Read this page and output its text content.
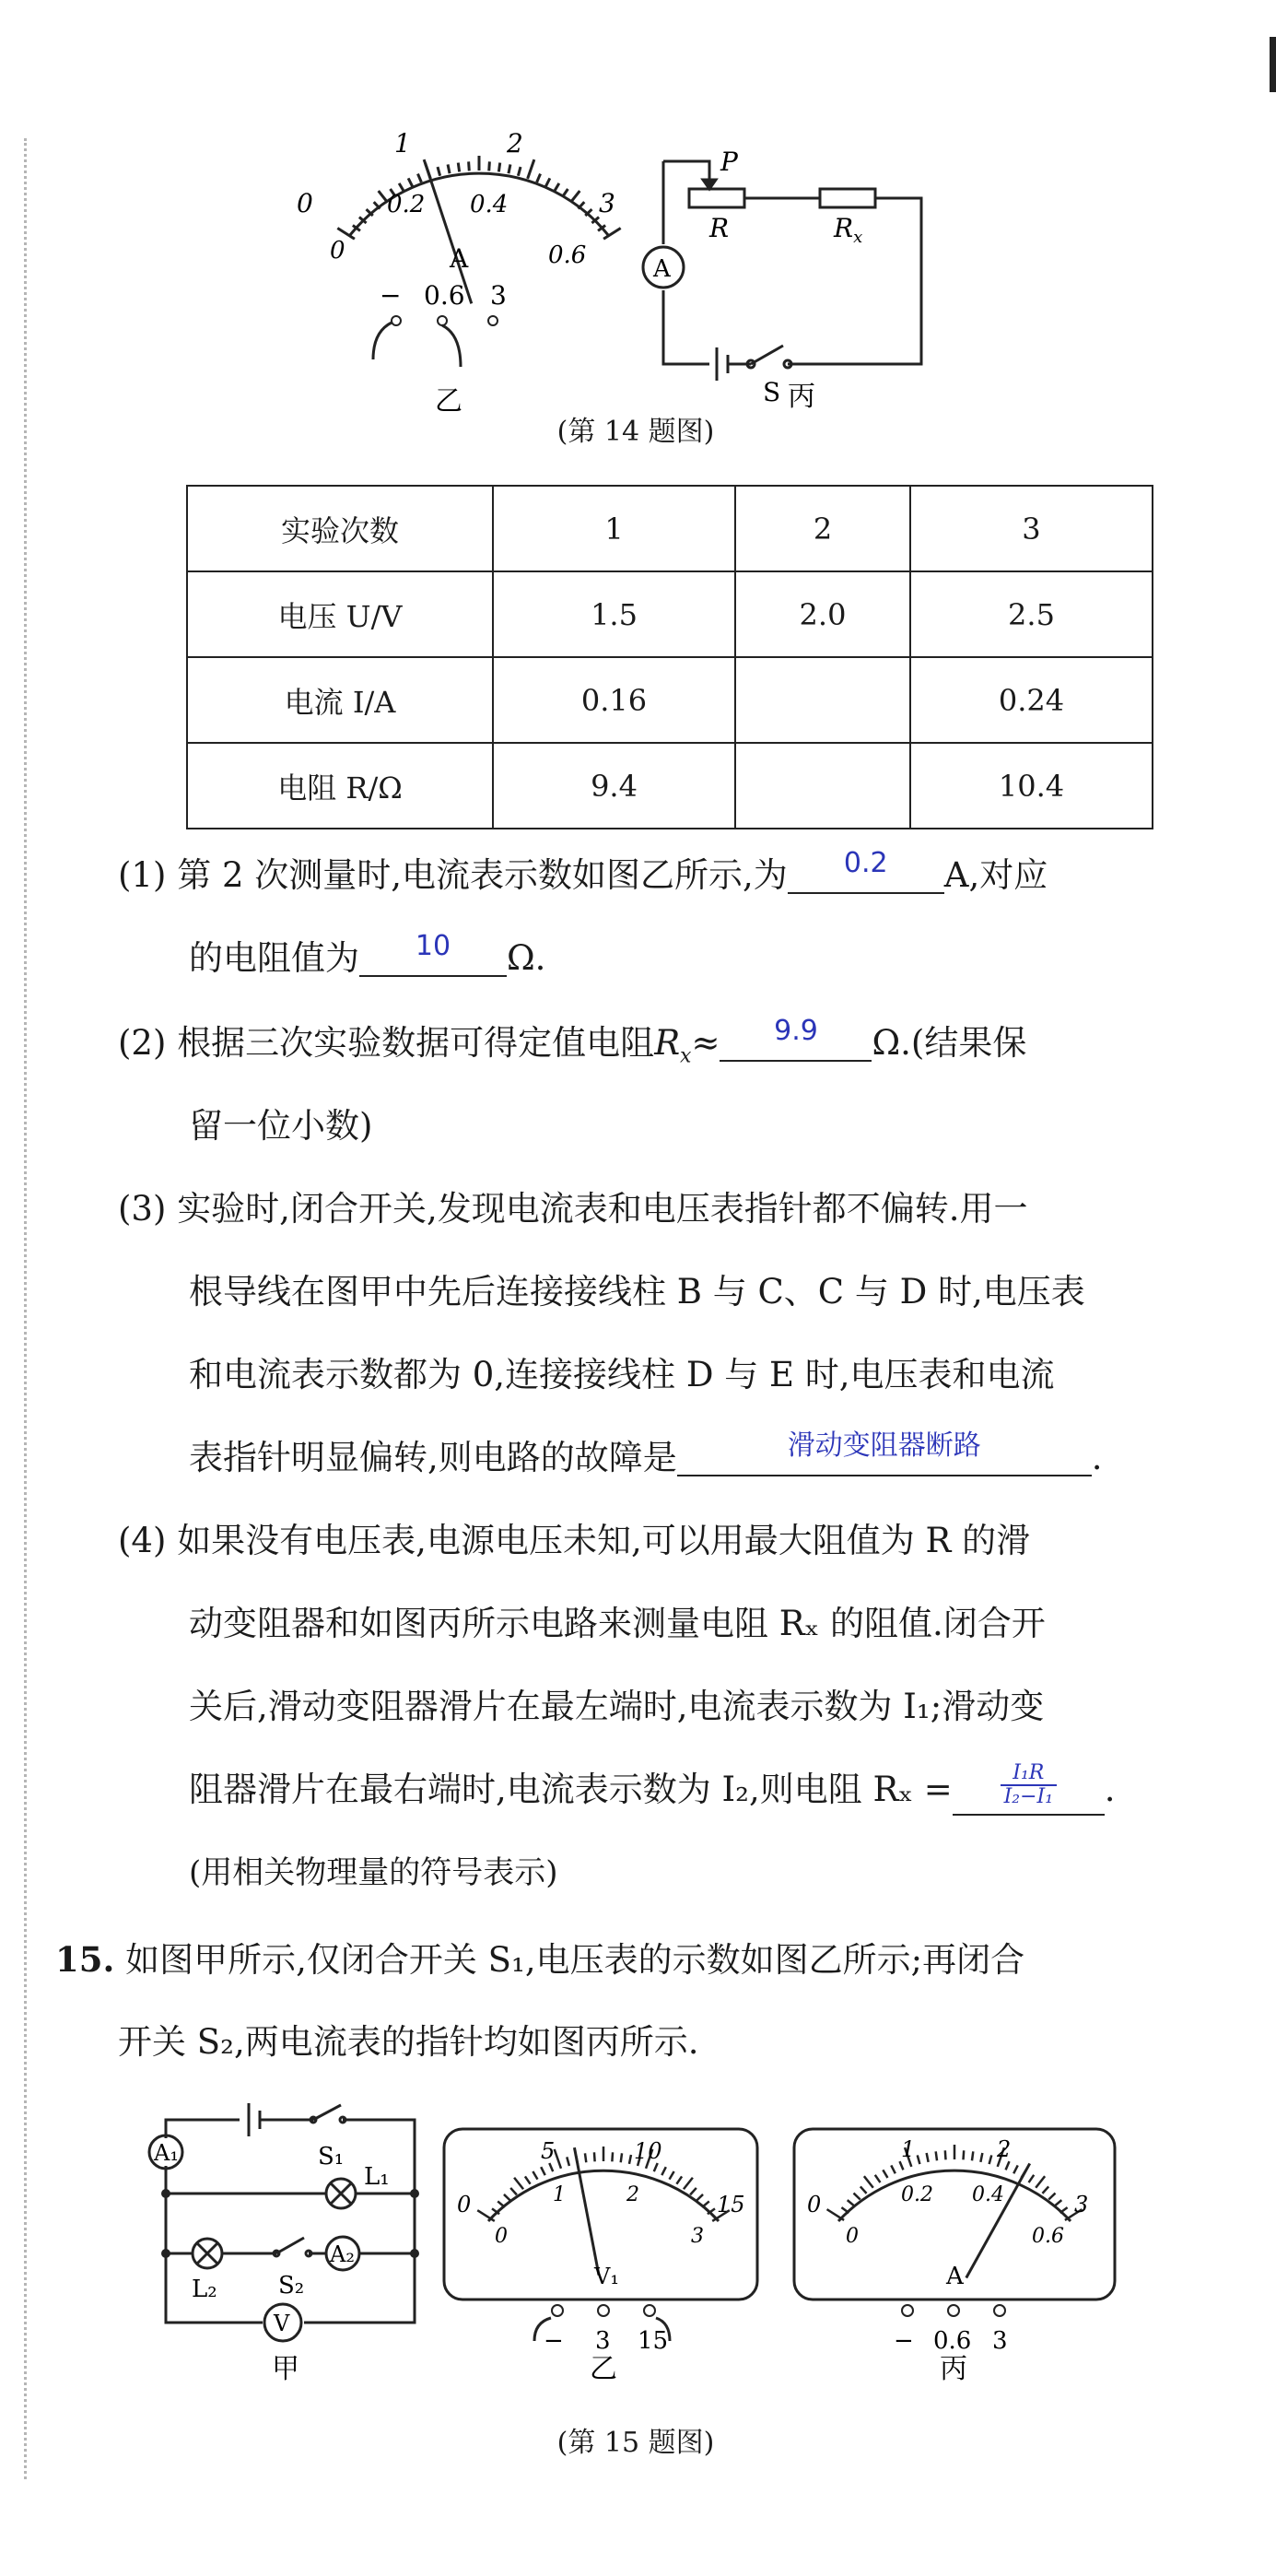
0
1	2
3
0
0.2 0.4
0.6
A
− 0.6 3
乙
P
R	$R_x$
A
S 丙
(第 14 题图)
实验次数	1	2	3
电压 U/V	1.5	2.0	2.5
电流 I/A	0.16		0.24
电阻 R/Ω	9.4		10.4
(1) 第 2 次测量时,电流表示数如图乙所示,为 $^{0.2}$ A,对应
的电阻值为 $^{10}$ Ω.
(2) 根据三次实验数据可得定值电阻$R_x\approx ^{9.9}$ Ω.(结果保
留一位小数)
(3) 实验时,闭合开关,发现电流表和电压表指针都不偏转.用一
根导线在图甲中先后连接接线柱 B 与 C、C 与 D 时,电压表
和电流表示数都为 0,连接接线柱 D 与 E 时,电压表和电流
表指针明显偏转,则电路的故障是	$^{滑动变阻器断路}$	.
(4) 如果没有电压表,电源电压未知,可以用最大阻值为 R 的滑
动变阻器和如图丙所示电路来测量电阻 Rₓ 的阻值.闭合开
关后,滑动变阻器滑片在最左端时,电流表示数为 I₁;滑动变
阻器滑片在最右端时,电流表示数为 I₂,则电阻 $R_x = \frac{\text{I₁R}}{\text{I₂−I₁}}$ .
(用相关物理量的符号表示)
15. 如图甲所示,仅闭合开关 S₁,电压表的示数如图乙所示;再闭合
开关 S₂,两电流表的指针均如图丙所示.
A₁	S₁
L₁
L₂	S₂
A₂
V
甲
0
5	10
15
0
1	2
3
V₁
− 3 15
乙
0
1	2
3
0
0.2 0.4
0.6
A
− 0.6 3
丙
(第 15 题图)
